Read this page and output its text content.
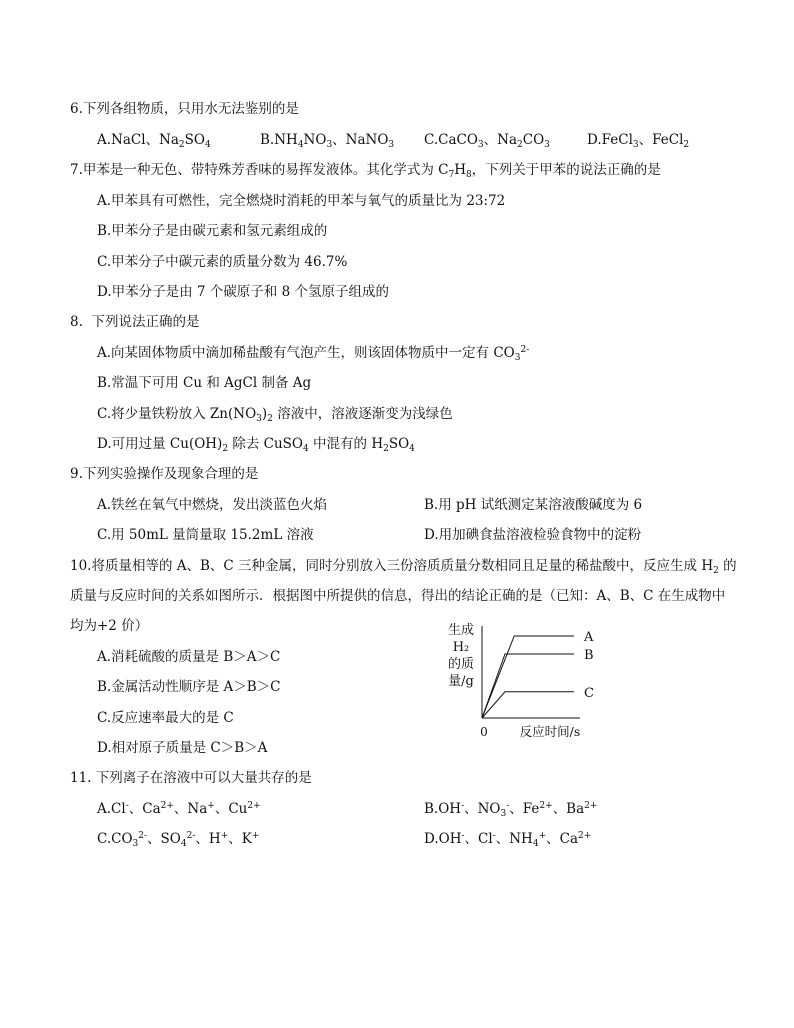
6.下列各组物质，只用水无法鉴别的是
A.NaCl、$Na_2SO_4$	$B.NH_4NO_3$、NaNO$_3$ C.CaCO$_3$、$Na_2CO_3$	D.FeCl$_3$、FeCl$_2$
7.甲苯是一种无色、带特殊芳香味的易挥发液体。其化学式为 $C_7H_8$，下列关于甲苯的说法正确的是
A.甲苯具有可燃性，完全燃烧时消耗的甲苯与氧气的质量比为 23:72
B.甲苯分子是由碳元素和氢元素组成的
C.甲苯分子中碳元素的质量分数为 46.7%
D.甲苯分子是由 7 个碳原子和 8 个氢原子组成的
8.  下列说法正确的是
A.向某固体物质中滴加稀盐酸有气泡产生，则该固体物质中一定有 $CO_3^{2-}$
B.常温下可用 Cu 和 AgCl 制备 Ag
C.将少量铁粉放入 $Zn(NO_3)_2$ 溶液中，溶液逐渐变为浅绿色
D.可用过量 $Cu(OH)_2$ 除去 CuSO$_4$ 中混有的 $H_2SO_4$
9.下列实验操作及现象合理的是
A.铁丝在氧气中燃烧，发出淡蓝色火焰	B.用 pH 试纸测定某溶液酸碱度为 6
C.用 50mL 量筒量取 15.2mL 溶液	D.用加碘食盐溶液检验食物中的淀粉
10.将质量相等的 A、B、C 三种金属，同时分别放入三份溶质质量分数相同且足量的稀盐酸中，反应生成 $H_2$ 的
质量与反应时间的关系如图所示．根据图中所提供的信息，得出的结论正确的是（已知：A、B、C 在生成物中
均为+2 价）
A.消耗硫酸的质量是 B＞A＞C
B.金属活动性顺序是 A＞B＞C
C.反应速率最大的是 C
D.相对原子质量是 C＞B＞A
生成
H₂
的质
量/g
0	反应时间/s
A
B
C
11. 下列离子在溶液中可以大量共存的是
A.Cl-、$Ca^{2+}$、Na+、$Cu^{2+}$	B.OH-、$NO_3^-$、$Fe^{2+}$、$Ba^{2+}$
$C.CO_3^{2-}$、$SO_4^{2-}$、H+、K+	D.OH-、Cl-、$NH_4^+$、$Ca^{2+}$
